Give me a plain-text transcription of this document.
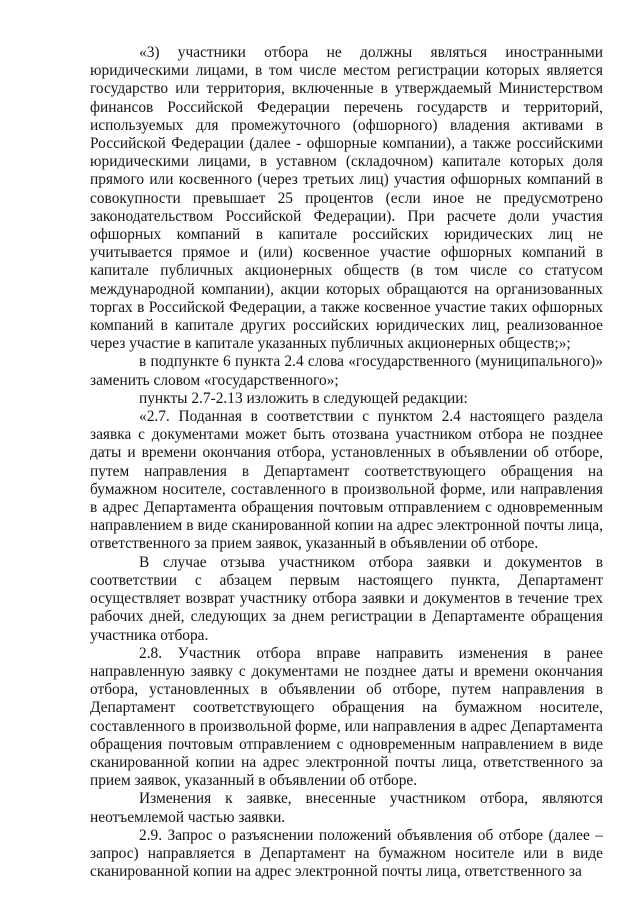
«3) участники отбора не должны являться иностранными юридическими лицами, в том числе местом регистрации которых является государство или территория, включенные в утверждаемый Министерством финансов Российской Федерации перечень государств и территорий, используемых для промежуточного (офшорного) владения активами в Российской Федерации (далее - офшорные компании), а также российскими юридическими лицами, в уставном (складочном) капитале которых доля прямого или косвенного (через третьих лиц) участия офшорных компаний в совокупности превышает 25 процентов (если иное не предусмотрено законодательством Российской Федерации). При расчете доли участия офшорных компаний в капитале российских юридических лиц не учитывается прямое и (или) косвенное участие офшорных компаний в капитале публичных акционерных обществ (в том числе со статусом международной компании), акции которых обращаются на организованных торгах в Российской Федерации, а также косвенное участие таких офшорных компаний в капитале других российских юридических лиц, реализованное через участие в капитале указанных публичных акционерных обществ;»;

в подпункте 6 пункта 2.4 слова «государственного (муниципального)» заменить словом «государственного»;

пункты 2.7-2.13 изложить в следующей редакции:

«2.7. Поданная в соответствии с пунктом 2.4 настоящего раздела заявка с документами может быть отозвана участником отбора не позднее даты и времени окончания отбора, установленных в объявлении об отборе, путем направления в Департамент соответствующего обращения на бумажном носителе, составленного в произвольной форме, или направления в адрес Департамента обращения почтовым отправлением с одновременным направлением в виде сканированной копии на адрес электронной почты лица, ответственного за прием заявок, указанный в объявлении об отборе.

В случае отзыва участником отбора заявки и документов в соответствии с абзацем первым настоящего пункта, Департамент осуществляет возврат участнику отбора заявки и документов в течение трех рабочих дней, следующих за днем регистрации в Департаменте обращения участника отбора.

2.8. Участник отбора вправе направить изменения в ранее направленную заявку с документами не позднее даты и времени окончания отбора, установленных в объявлении об отборе, путем направления в Департамент соответствующего обращения на бумажном носителе, составленного в произвольной форме, или направления в адрес Департамента обращения почтовым отправлением с одновременным направлением в виде сканированной копии на адрес электронной почты лица, ответственного за прием заявок, указанный в объявлении об отборе.

Изменения к заявке, внесенные участником отбора, являются неотъемлемой частью заявки.

2.9. Запрос о разъяснении положений объявления об отборе (далее – запрос) направляется в Департамент на бумажном носителе или в виде сканированной копии на адрес электронной почты лица, ответственного за
